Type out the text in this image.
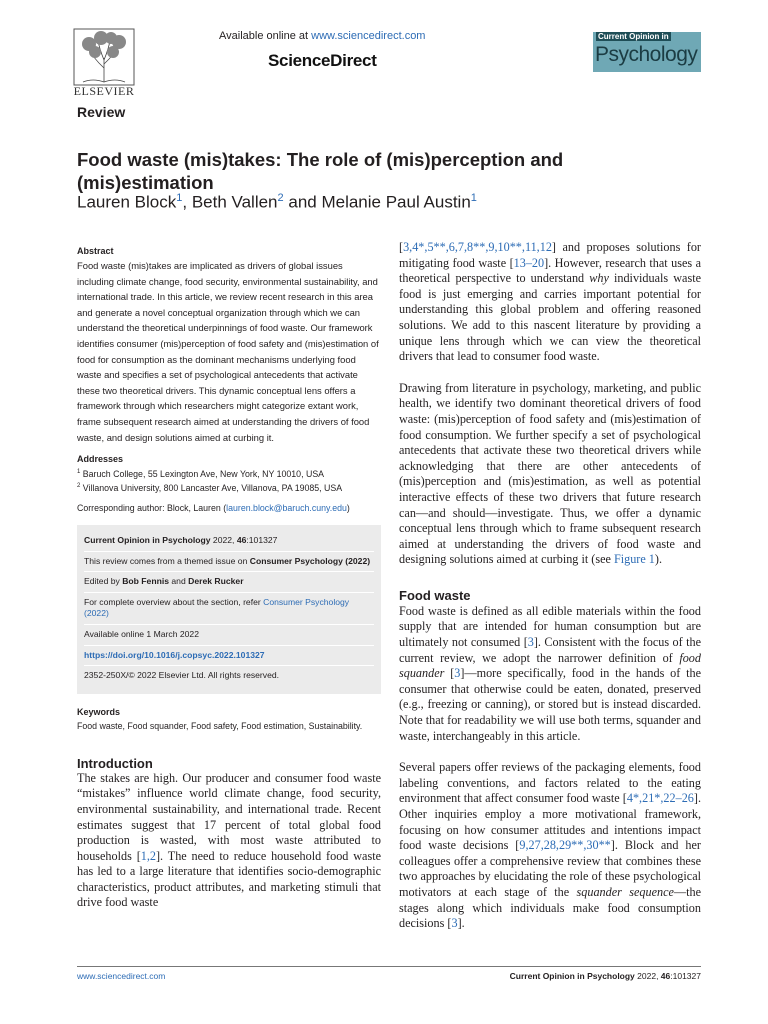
ELSEVIER
Available online at www.sciencedirect.com
ScienceDirect
Current Opinion in
Psychology
Review
Food waste (mis)takes: The role of (mis)perception and (mis)estimation
Lauren Block$^1$, Beth Vallen$^2$ and Melanie Paul Austin$^1$
Abstract

Food waste (mis)takes are implicated as drivers of global issues including climate change, food security, environmental sustainability, and international trade. In this article, we review recent research in this area and generate a novel conceptual organization through which we can understand the theoretical underpinnings of food waste. Our framework identifies consumer (mis)perception of food safety and (mis)estimation of food for consumption as the dominant mechanisms underlying food waste and specifies a set of psychological antecedents that activate these two theoretical drivers. This dynamic conceptual lens offers a framework through which researchers might categorize extant work, frame subsequent research aimed at understanding the drivers of food waste, and design solutions aimed at curbing it.

Addresses
$^1$ Baruch College, 55 Lexington Ave, New York, NY 10010, USA
$^2$ Villanova University, 800 Lancaster Ave, Villanova, PA 19085, USA
Corresponding author: Block, Lauren (lauren.block@baruch.cuny.edu)
Current Opinion in Psychology 2022, 46:101327
This review comes from a themed issue on Consumer Psychology (2022)
Edited by Bob Fennis and Derek Rucker
For complete overview about the section, refer Consumer Psychology (2022)
Available online 1 March 2022
https://doi.org/10.1016/j.copsyc.2022.101327
2352-250X/© 2022 Elsevier Ltd. All rights reserved.
Keywords
Food waste, Food squander, Food safety, Food estimation, Sustainability.
Introduction

The stakes are high. Our producer and consumer food waste “mistakes” influence world climate change, food security, environmental sustainability, and international trade. Recent estimates suggest that 17 percent of total global food production is wasted, with most waste attributed to households [1,2]. The need to reduce household food waste has led to a large literature that identifies socio-demographic characteristics, product attributes, and marketing stimuli that drive food waste

[3,4*,5**,6,7,8**,9,10**,11,12] and proposes solutions for mitigating food waste [13–20]. However, research that uses a theoretical perspective to understand why individuals waste food is just emerging and carries important potential for understanding this global problem and offering reasoned solutions. We add to this nascent literature by providing a unique lens through which we can view the theoretical drivers that lead to consumer food waste.

Drawing from literature in psychology, marketing, and public health, we identify two dominant theoretical drivers of food waste: (mis)perception of food safety and (mis)estimation of food consumption. We further specify a set of psychological antecedents that activate these two theoretical drivers while acknowledging that there are other antecedents of (mis)perception and (mis)estimation, as well as potential interactive effects of these two drivers that future research can—and should—investigate. Thus, we offer a dynamic conceptual lens through which to frame subsequent research aimed at understanding the drivers of food waste and designing solutions aimed at curbing it (see Figure 1).

Food waste

Food waste is defined as all edible materials within the food supply that are intended for human consumption but are ultimately not consumed [3]. Consistent with the focus of the current review, we adopt the narrower definition of food squander [3]—more specifically, food in the hands of the consumer that otherwise could be eaten, donated, preserved (e.g., freezing or canning), or stored but is instead discarded. Note that for readability we will use both terms, squander and waste, interchangeably in this article.

Several papers offer reviews of the packaging elements, food labeling conventions, and factors related to the eating environment that affect consumer food waste [4*,21*,22–26]. Other inquiries employ a more motivational framework, focusing on how consumer attitudes and intentions impact food waste decisions [9,27,28,29**,30**]. Block and her colleagues offer a comprehensive review that combines these two approaches by elucidating the role of these psychological motivators at each stage of the squander sequence—the stages along which individuals make food consumption decisions [3].

www.sciencedirect.com	Current Opinion in Psychology 2022, 46:101327
